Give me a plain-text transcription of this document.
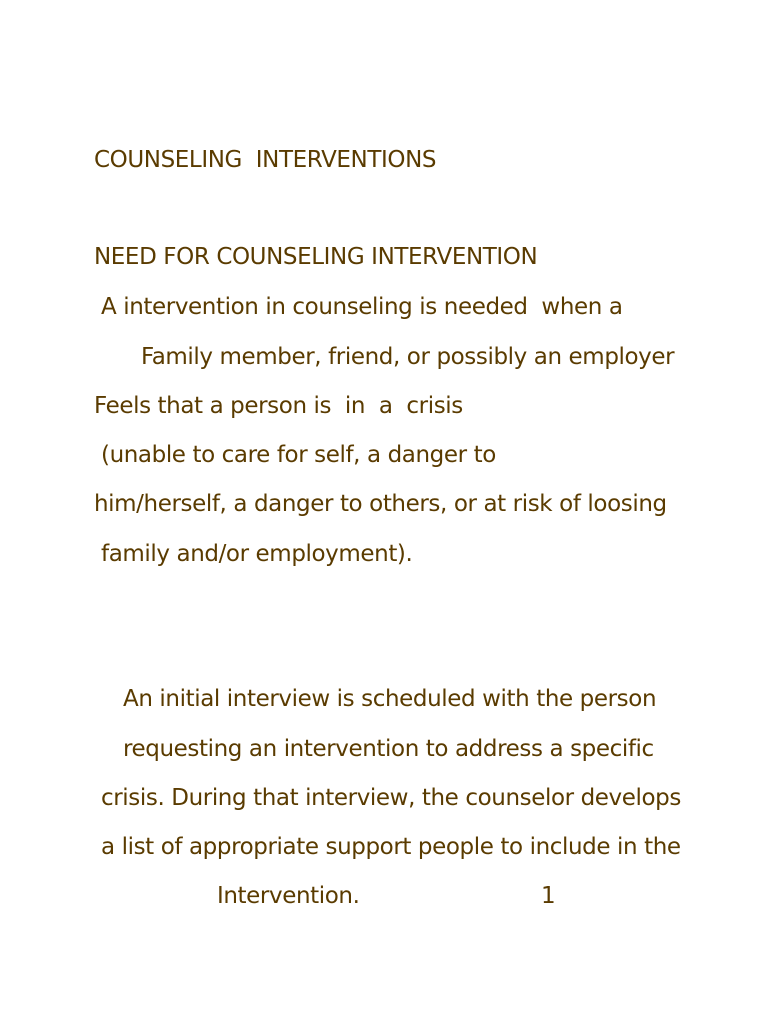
COUNSELING  INTERVENTIONS
NEED FOR COUNSELING INTERVENTION
A intervention in counseling is needed  when a
Family member, friend, or possibly an employer
Feels that a person is  in  a  crisis
(unable to care for self, a danger to
him/herself, a danger to others, or at risk of loosing
family and/or employment).
An initial interview is scheduled with the person
requesting an intervention to address a specific
crisis. During that interview, the counselor develops
a list of appropriate support people to include in the
Intervention.	1
